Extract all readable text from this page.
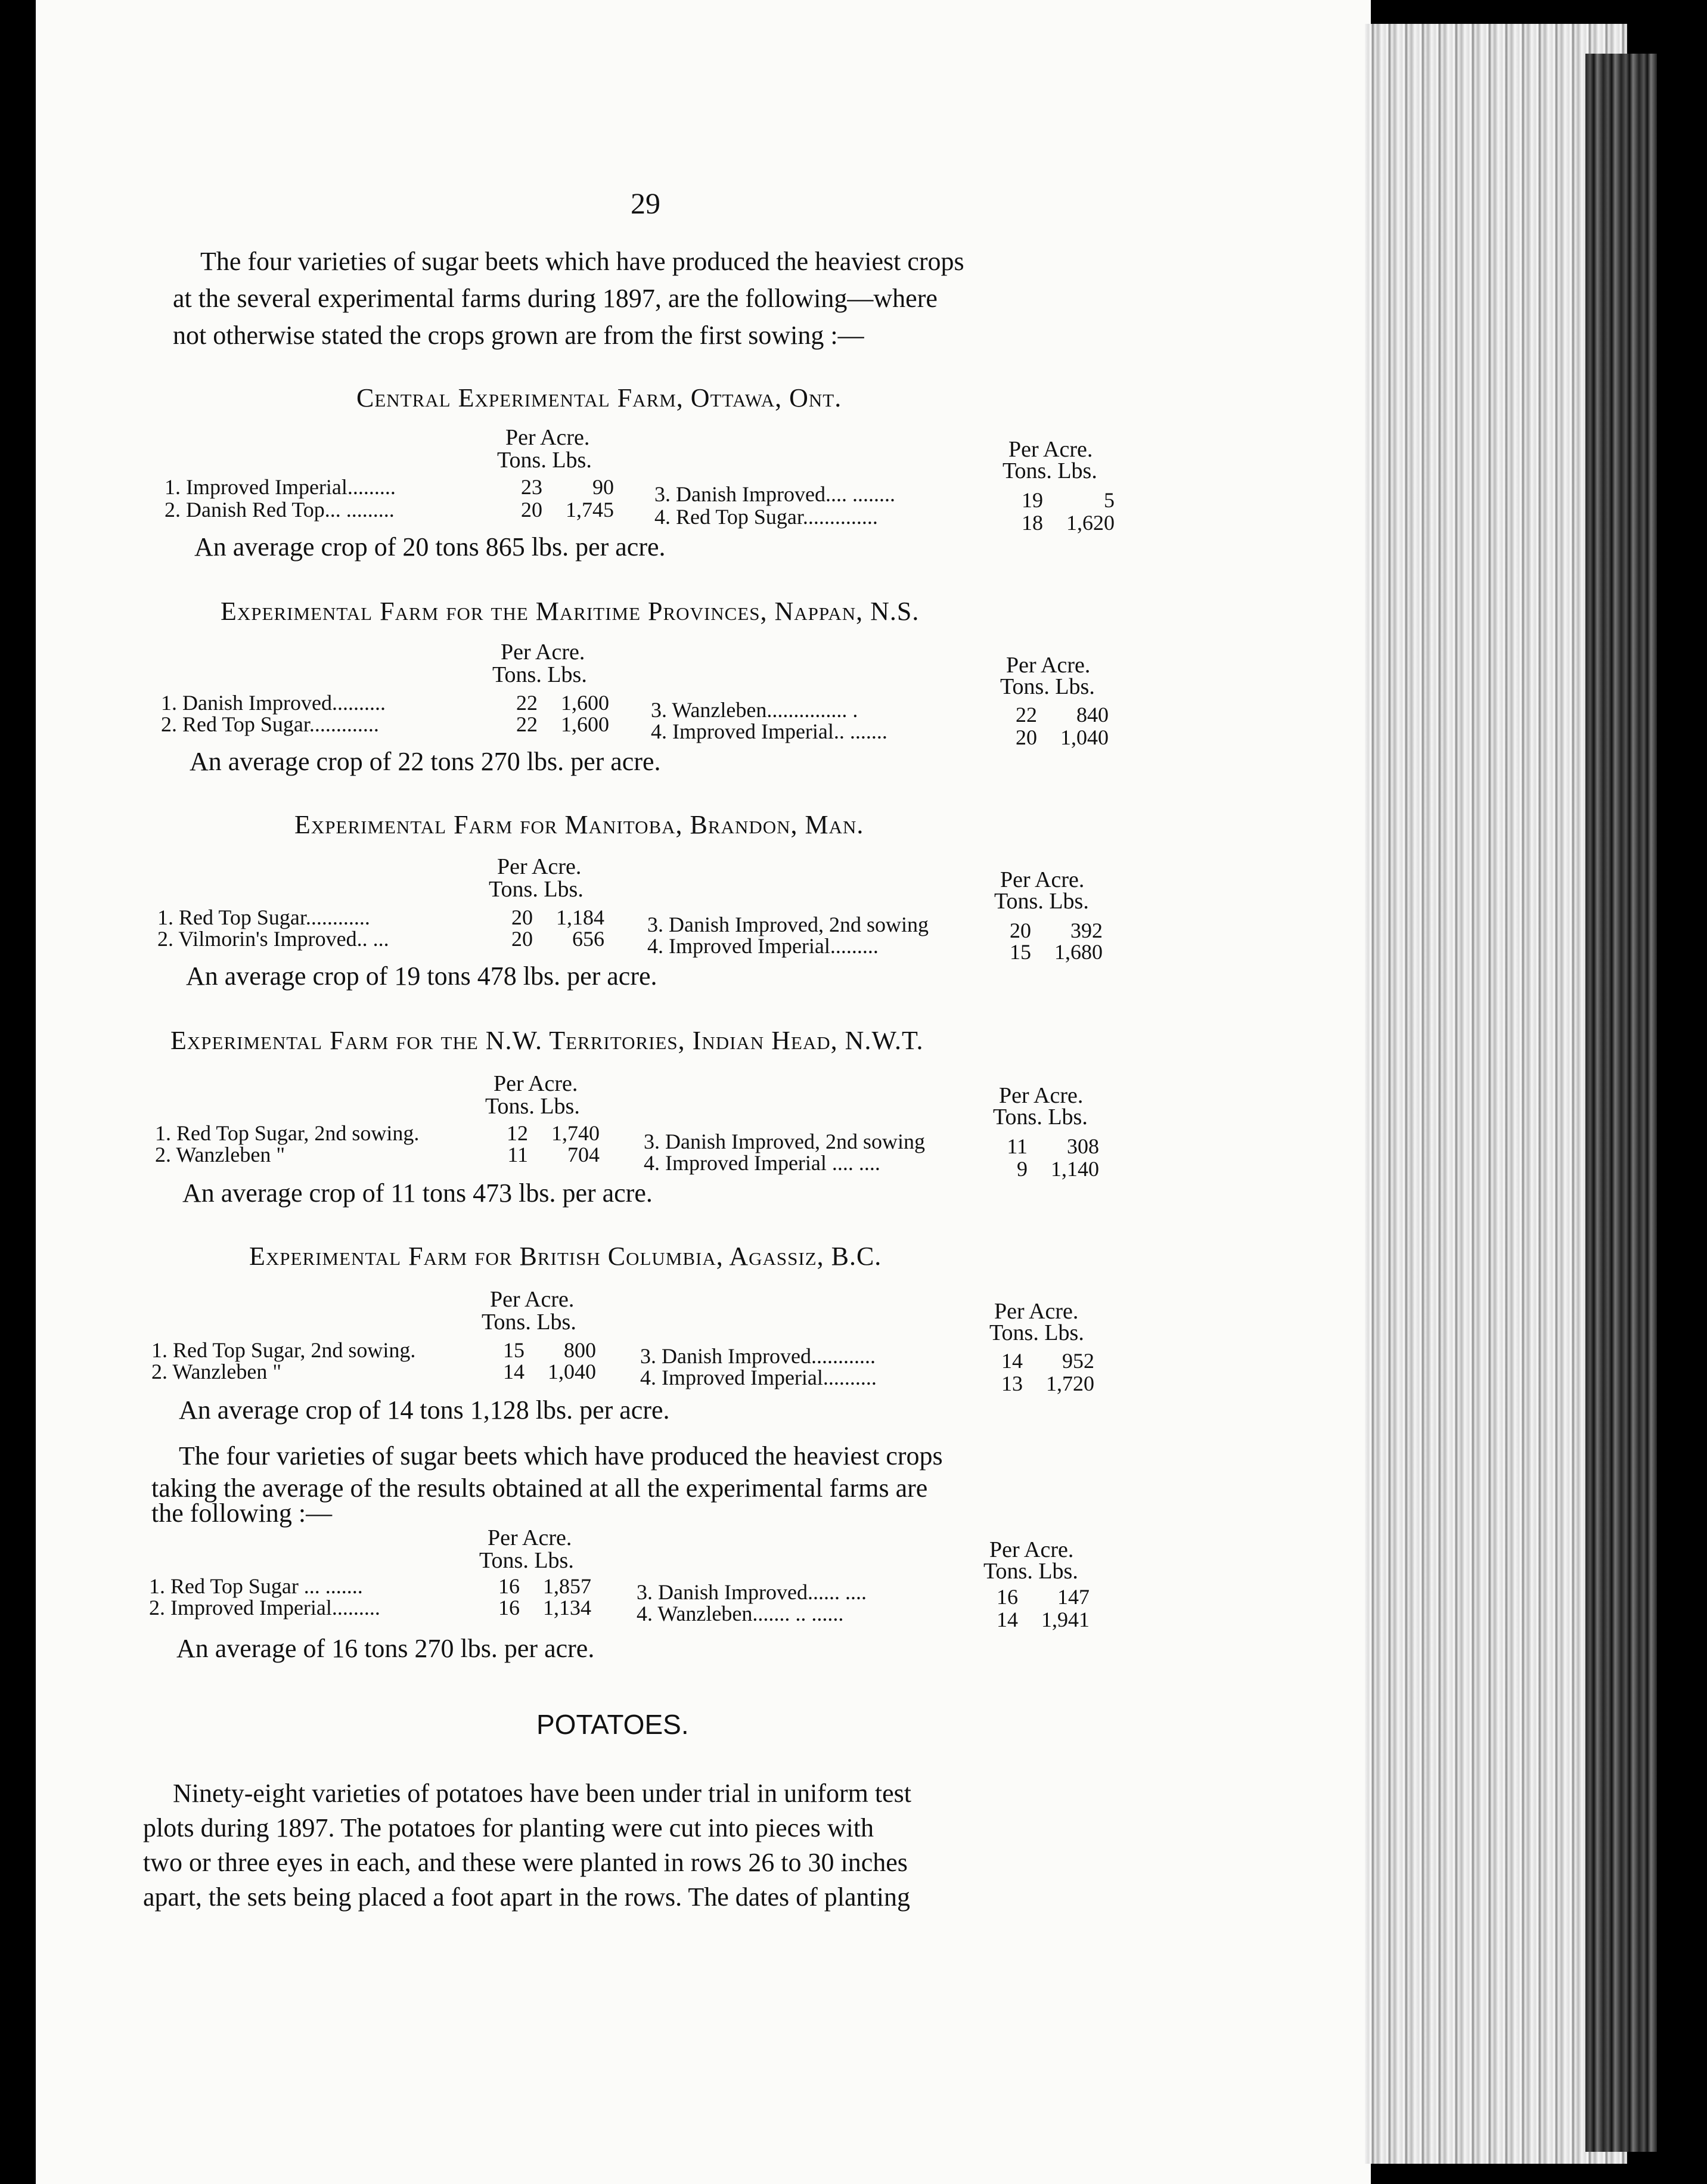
29
The four varieties of sugar beets which have produced the heaviest crops
at the several experimental farms during 1897, are the following—where
not otherwise stated the crops grown are from the first sowing :—
Central Experimental Farm, Ottawa, Ont.
Per Acre.
Tons. Lbs.	Per Acre.
Tons. Lbs.
1. Improved Imperial.........	23	90
2. Danish Red Top... .........	20	1,745
3. Danish Improved.... ........	19	5
4. Red Top Sugar..............	18	1,620
An average crop of 20 tons 865 lbs. per acre.
Experimental Farm for the Maritime Provinces, Nappan, N.S.
Per Acre.
Tons. Lbs.	Per Acre.
Tons. Lbs.
1. Danish Improved..........	22	1,600
2. Red Top Sugar.............	22	1,600
3. Wanzleben............... .	22	840
4. Improved Imperial.. .......	20	1,040
An average crop of 22 tons 270 lbs. per acre.
Experimental Farm for Manitoba, Brandon, Man.
Per Acre.
Tons. Lbs.	Per Acre.
Tons. Lbs.
1. Red Top Sugar............	20	1,184
2. Vilmorin's Improved.. ...	20	656
3. Danish Improved, 2nd sowing	20	392
4. Improved Imperial.........	15	1,680
An average crop of 19 tons 478 lbs. per acre.
Experimental Farm for the N.W. Territories, Indian Head, N.W.T.
Per Acre.
Tons. Lbs.	Per Acre.
Tons. Lbs.
1. Red Top Sugar, 2nd sowing.	12	1,740
2. Wanzleben "	11	704
3. Danish Improved, 2nd sowing	11	308
4. Improved Imperial .... ....	9	1,140
An average crop of 11 tons 473 lbs. per acre.
Experimental Farm for British Columbia, Agassiz, B.C.
Per Acre.
Tons. Lbs.	Per Acre.
Tons. Lbs.
1. Red Top Sugar, 2nd sowing.	15	800
2. Wanzleben "	14	1,040
3. Danish Improved............	14	952
4. Improved Imperial..........	13	1,720
An average crop of 14 tons 1,128 lbs. per acre.
The four varieties of sugar beets which have produced the heaviest crops
taking the average of the results obtained at all the experimental farms are
the following :—
Per Acre.
Tons. Lbs.	Per Acre.
Tons. Lbs.
1. Red Top Sugar ... .......	16	1,857
2. Improved Imperial.........	16	1,134
3. Danish Improved...... ....	16	147
4. Wanzleben....... .. ......	14	1,941
An average of 16 tons 270 lbs. per acre.
POTATOES.
Ninety-eight varieties of potatoes have been under trial in uniform test
plots during 1897. The potatoes for planting were cut into pieces with
two or three eyes in each, and these were planted in rows 26 to 30 inches
apart, the sets being placed a foot apart in the rows. The dates of planting
